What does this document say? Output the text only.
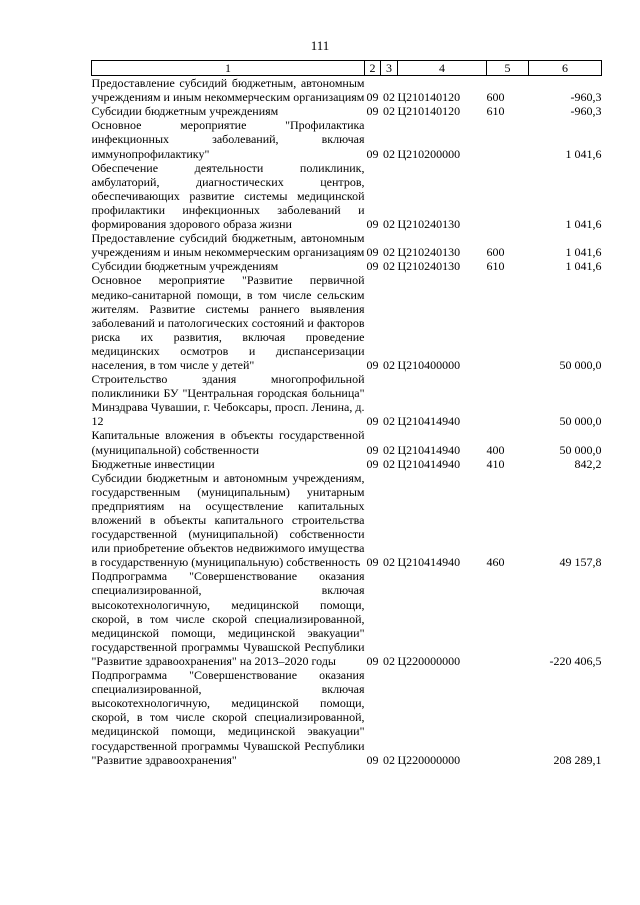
111
1	2	3	4	5	6
Предоставление субсидий бюджетным, автономным учреждениям и иным некоммерческим организациям	09	02	Ц210140120	600	-960,3
Субсидии бюджетным учреждениям	09	02	Ц210140120	610	-960,3
Основное мероприятие "Профилактика инфекционных заболеваний, включая иммунопрофилактику"	09	02	Ц210200000		1 041,6
Обеспечение деятельности поликлиник, амбулаторий, диагностических центров, обеспечивающих развитие системы медицинской профилактики инфекционных заболеваний и формирования здорового образа жизни	09	02	Ц210240130		1 041,6
Предоставление субсидий бюджетным, автономным учреждениям и иным некоммерческим организациям	09	02	Ц210240130	600	1 041,6
Субсидии бюджетным учреждениям	09	02	Ц210240130	610	1 041,6
Основное мероприятие "Развитие первичной медико-санитарной помощи, в том числе сельским жителям. Развитие системы раннего выявления заболеваний и патологических состояний и факторов риска их развития, включая проведение медицинских осмотров и диспансеризации населения, в том числе у детей"	09	02	Ц210400000		50 000,0
Строительство здания многопрофильной поликлиники БУ "Центральная городская больница" Минздрава Чувашии, г. Чебоксары, просп. Ленина, д. 12	09	02	Ц210414940		50 000,0
Капитальные вложения в объекты государственной (муниципальной) собственности	09	02	Ц210414940	400	50 000,0
Бюджетные инвестиции	09	02	Ц210414940	410	842,2
Субсидии бюджетным и автономным учреждениям, государственным (муниципальным) унитарным предприятиям на осуществление капитальных вложений в объекты капитального строительства государственной (муниципальной) собственности или приобретение объектов недвижимого имущества в государственную (муниципальную) собственность	09	02	Ц210414940	460	49 157,8
Подпрограмма "Совершенствование оказания специализированной, включая высокотехнологичную, медицинской помощи, скорой, в том числе скорой специализированной, медицинской помощи, медицинской эвакуации" государственной программы Чувашской Республики "Развитие здравоохранения" на 2013–2020 годы	09	02	Ц220000000		-220 406,5
Подпрограмма "Совершенствование оказания специализированной, включая высокотехнологичную, медицинской помощи, скорой, в том числе скорой специализированной, медицинской помощи, медицинской эвакуации" государственной программы Чувашской Республики "Развитие здравоохранения"	09	02	Ц220000000		208 289,1
